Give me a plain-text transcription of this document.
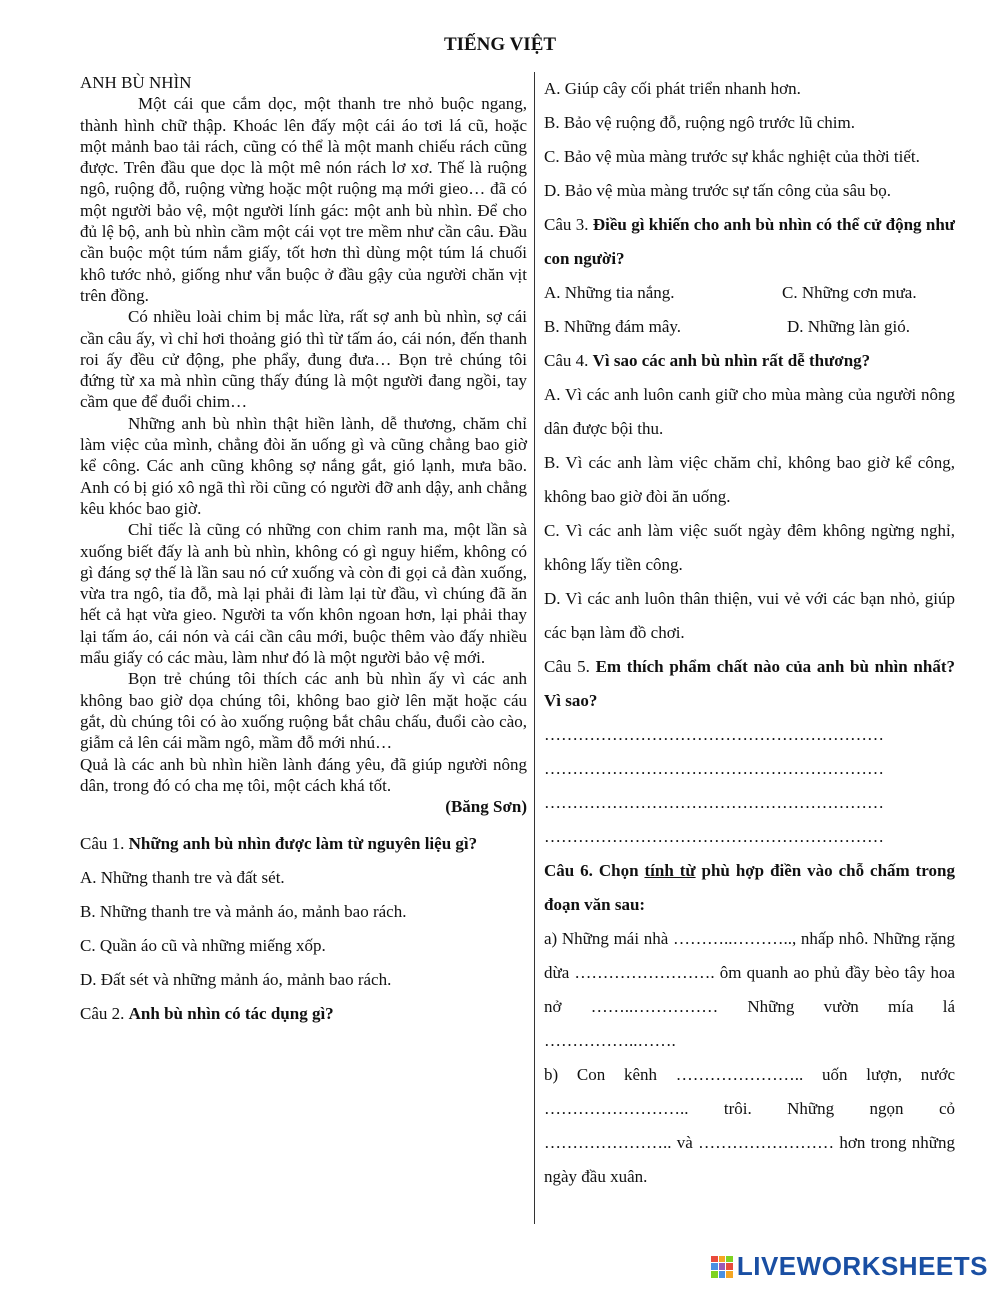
TIẾNG VIỆT

ANH BÙ NHÌN

Một cái que cắm dọc, một thanh tre nhỏ buộc ngang, thành hình chữ thập. Khoác lên đấy một cái áo tơi lá cũ, hoặc một mảnh bao tải rách, cũng có thể là một manh chiếu rách cũng được. Trên đầu que dọc là một mê nón rách lơ xơ. Thế là ruộng ngô, ruộng đỗ, ruộng vừng hoặc một ruộng mạ mới gieo… đã có một người bảo vệ, một người lính gác: một anh bù nhìn. Để cho đủ lệ bộ, anh bù nhìn cầm một cái vọt tre mềm như cần câu. Đầu cần buộc một túm nắm giấy, tốt hơn thì dùng một túm lá chuối khô tước nhỏ, giống như vẫn buộc ở đầu gậy của người chăn vịt trên đồng.

Có nhiều loài chim bị mắc lừa, rất sợ anh bù nhìn, sợ cái cần câu ấy, vì chỉ hơi thoảng gió thì từ tấm áo, cái nón, đến thanh roi ấy đều cử động, phe phẩy, đung đưa… Bọn trẻ chúng tôi đứng từ xa mà nhìn cũng thấy đúng là một người đang ngồi, tay cầm que để đuổi chim…

Những anh bù nhìn thật hiền lành, dễ thương, chăm chỉ làm việc của mình, chẳng đòi ăn uống gì và cũng chẳng bao giờ kể công. Các anh cũng không sợ nắng gắt, gió lạnh, mưa bão. Anh có bị gió xô ngã thì rồi cũng có người đỡ anh dậy, anh chẳng kêu khóc bao giờ.

Chỉ tiếc là cũng có những con chim ranh ma, một lần sà xuống biết đấy là anh bù nhìn, không có gì nguy hiểm, không có gì đáng sợ thế là lần sau nó cứ xuống và còn đi gọi cả đàn xuống, vừa tra ngô, tỉa đỗ, mà lại phải đi làm lại từ đầu, vì chúng đã ăn hết cả hạt vừa gieo. Người ta vốn khôn ngoan hơn, lại phải thay lại tấm áo, cái nón và cái cần câu mới, buộc thêm vào đấy nhiều mẩu giấy có các màu, làm như đó là một người bảo vệ mới.

Bọn trẻ chúng tôi thích các anh bù nhìn ấy vì các anh không bao giờ dọa chúng tôi, không bao giờ lên mặt hoặc cáu gắt, dù chúng tôi có ào xuống ruộng bắt châu chấu, đuổi cào cào, giẫm cả lên cái mầm ngô, mầm đỗ mới nhú…

Quả là các anh bù nhìn hiền lành đáng yêu, đã giúp người nông dân, trong đó có cha mẹ tôi, một cách khá tốt.

(Băng Sơn)

Câu 1. Những anh bù nhìn được làm từ nguyên liệu gì?

A. Những thanh tre và đất sét.

B. Những thanh tre và mảnh áo, mảnh bao rách.

C. Quần áo cũ và những miếng xốp.

D. Đất sét và những mảnh áo, mảnh bao rách.

Câu 2. Anh bù nhìn có tác dụng gì?

A. Giúp cây cối phát triển nhanh hơn.

B. Bảo vệ ruộng đỗ, ruộng ngô trước lũ chim.

C. Bảo vệ mùa màng trước sự khắc nghiệt của thời tiết.

D. Bảo vệ mùa màng trước sự tấn công của sâu bọ.

Câu 3. Điều gì khiến cho anh bù nhìn có thể cử động như con người?

A. Những tia nắng.	C. Những cơn mưa.
B. Những đám mây.	D. Những làn gió.

Câu 4. Vì sao các anh bù nhìn rất dễ thương?

A. Vì các anh luôn canh giữ cho mùa màng của người nông dân được bội thu.

B. Vì các anh làm việc chăm chỉ, không bao giờ kể công, không bao giờ đòi ăn uống.

C. Vì các anh làm việc suốt ngày đêm không ngừng nghỉ, không lấy tiền công.

D. Vì các anh luôn thân thiện, vui vẻ với các bạn nhỏ, giúp các bạn làm đồ chơi.

Câu 5. Em thích phẩm chất nào của anh bù nhìn nhất? Vì sao?

……………………………………………………

……………………………………………………

……………………………………………………

……………………………………………………

Câu 6. Chọn tính từ phù hợp điền vào chỗ chấm trong đoạn văn sau:

a) Những mái nhà ………..……….., nhấp nhô. Những rặng dừa ……………………. ôm quanh ao phủ đầy bèo tây hoa nở ……..…………… Những vườn mía lá ……………..…….

b) Con kênh ………………….. uốn lượn, nước …………………….. trôi. Những ngọn cỏ ………………….. và …………………… hơn trong những ngày đầu xuân.

LIVEWORKSHEETS
